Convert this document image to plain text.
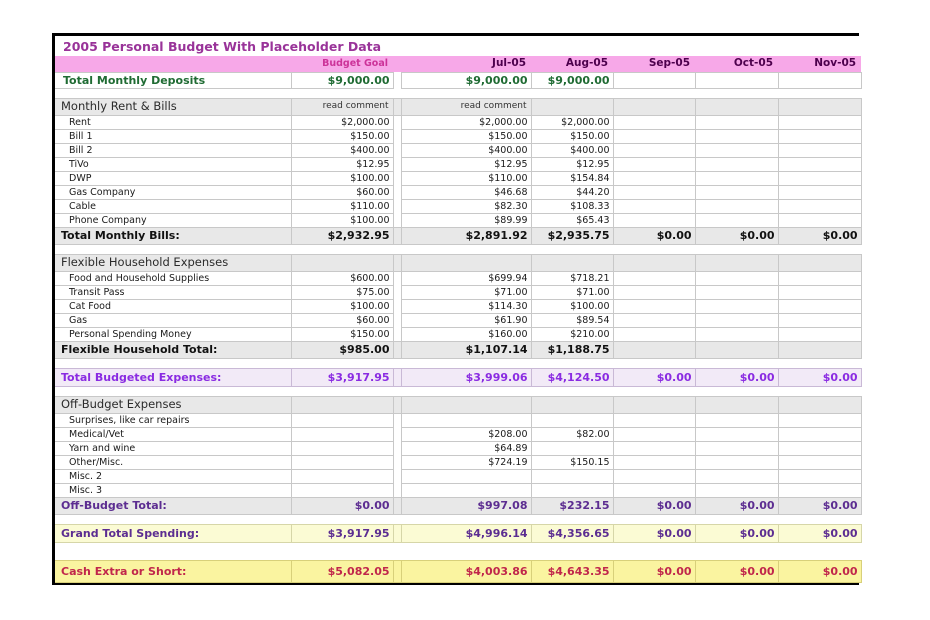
2005 Personal Budget With Placeholder Data							
	Budget Goal		Jul-05	Aug-05	Sep-05	Oct-05	Nov-05
Total Monthly Deposits	$9,000.00		$9,000.00	$9,000.00			

Monthly Rent & Bills	read comment		read comment				
Rent	$2,000.00		$2,000.00	$2,000.00			
Bill 1	$150.00		$150.00	$150.00			
Bill 2	$400.00		$400.00	$400.00			
TiVo	$12.95		$12.95	$12.95			
DWP	$100.00		$110.00	$154.84			
Gas Company	$60.00		$46.68	$44.20			
Cable	$110.00		$82.30	$108.33			
Phone Company	$100.00		$89.99	$65.43			
Total Monthly Bills:	$2,932.95		$2,891.92	$2,935.75	$0.00	$0.00	$0.00

Flexible Household Expenses							
Food and Household Supplies	$600.00		$699.94	$718.21			
Transit Pass	$75.00		$71.00	$71.00			
Cat Food	$100.00		$114.30	$100.00			
Gas	$60.00		$61.90	$89.54			
Personal Spending Money	$150.00		$160.00	$210.00			
Flexible Household Total:	$985.00		$1,107.14	$1,188.75			

Total Budgeted Expenses:	$3,917.95		$3,999.06	$4,124.50	$0.00	$0.00	$0.00

Off-Budget Expenses							
Surprises, like car repairs							
Medical/Vet			$208.00	$82.00			
Yarn and wine			$64.89				
Other/Misc.			$724.19	$150.15			
Misc. 2							
Misc. 3							
Off-Budget Total:	$0.00		$997.08	$232.15	$0.00	$0.00	$0.00

Grand Total Spending:	$3,917.95		$4,996.14	$4,356.65	$0.00	$0.00	$0.00

Cash Extra or Short:	$5,082.05		$4,003.86	$4,643.35	$0.00	$0.00	$0.00
